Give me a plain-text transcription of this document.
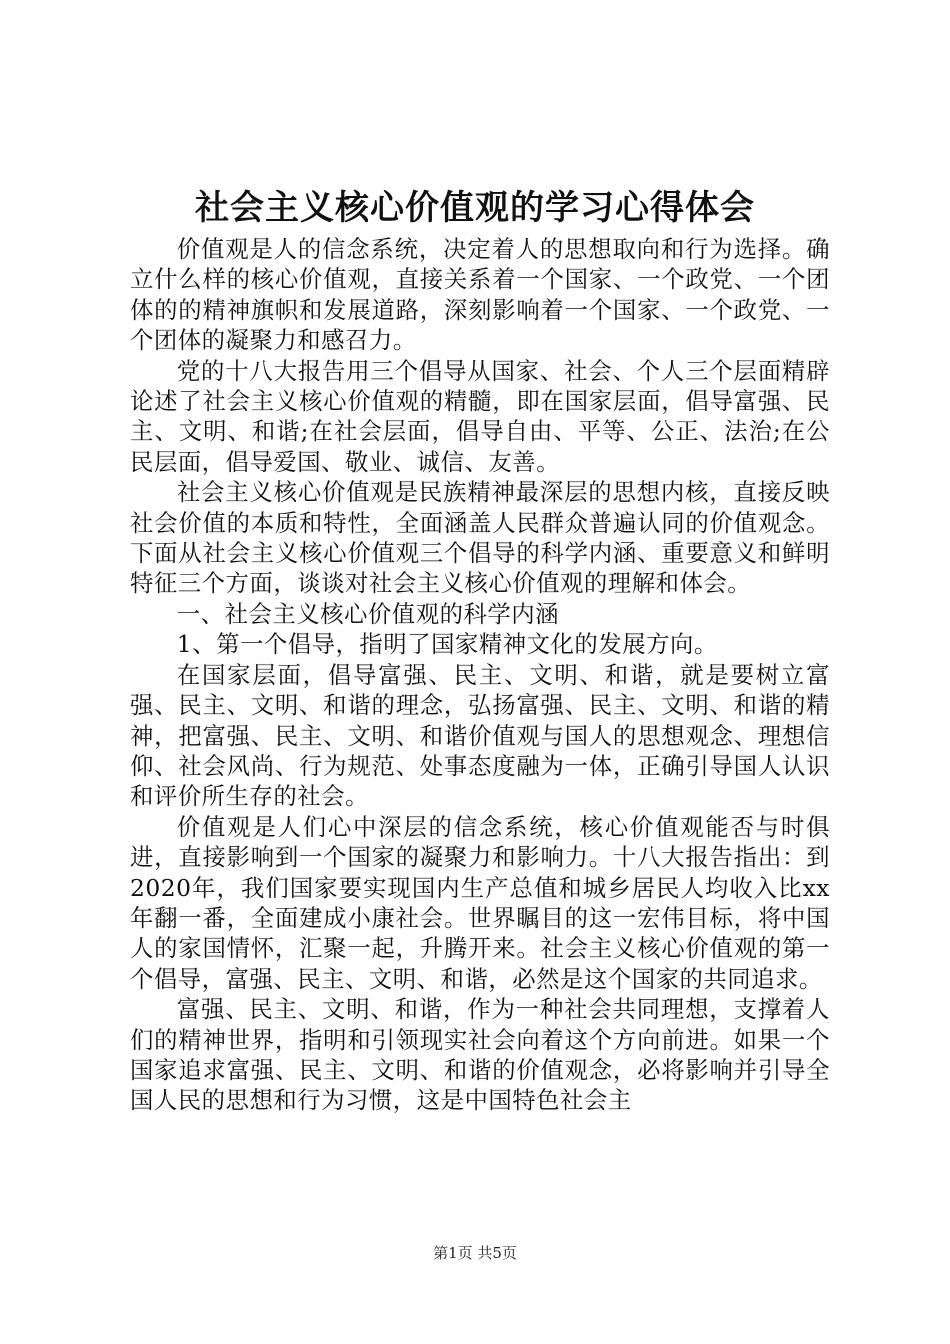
社会主义核心价值观的学习心得体会

价值观是人的信念系统，决定着人的思想取向和行为选择。确立什么样的核心价值观，直接关系着一个国家、一个政党、一个团体的的精神旗帜和发展道路，深刻影响着一个国家、一个政党、一个团体的凝聚力和感召力。

党的十八大报告用三个倡导从国家、社会、个人三个层面精辟论述了社会主义核心价值观的精髓，即在国家层面，倡导富强、民主、文明、和谐;在社会层面，倡导自由、平等、公正、法治;在公民层面，倡导爱国、敬业、诚信、友善。

社会主义核心价值观是民族精神最深层的思想内核，直接反映社会价值的本质和特性，全面涵盖人民群众普遍认同的价值观念。下面从社会主义核心价值观三个倡导的科学内涵、重要意义和鲜明特征三个方面，谈谈对社会主义核心价值观的理解和体会。

一、社会主义核心价值观的科学内涵

1、第一个倡导，指明了国家精神文化的发展方向。

在国家层面，倡导富强、民主、文明、和谐，就是要树立富强、民主、文明、和谐的理念，弘扬富强、民主、文明、和谐的精神，把富强、民主、文明、和谐价值观与国人的思想观念、理想信仰、社会风尚、行为规范、处事态度融为一体，正确引导国人认识和评价所生存的社会。

价值观是人们心中深层的信念系统，核心价值观能否与时俱进，直接影响到一个国家的凝聚力和影响力。十八大报告指出：到2020年，我们国家要实现国内生产总值和城乡居民人均收入比xx年翻一番，全面建成小康社会。世界瞩目的这一宏伟目标，将中国人的家国情怀，汇聚一起，升腾开来。社会主义核心价值观的第一个倡导，富强、民主、文明、和谐，必然是这个国家的共同追求。

富强、民主、文明、和谐，作为一种社会共同理想，支撑着人们的精神世界，指明和引领现实社会向着这个方向前进。如果一个国家追求富强、民主、文明、和谐的价值观念，必将影响并引导全国人民的思想和行为习惯，这是中国特色社会主

第1页 共5页
